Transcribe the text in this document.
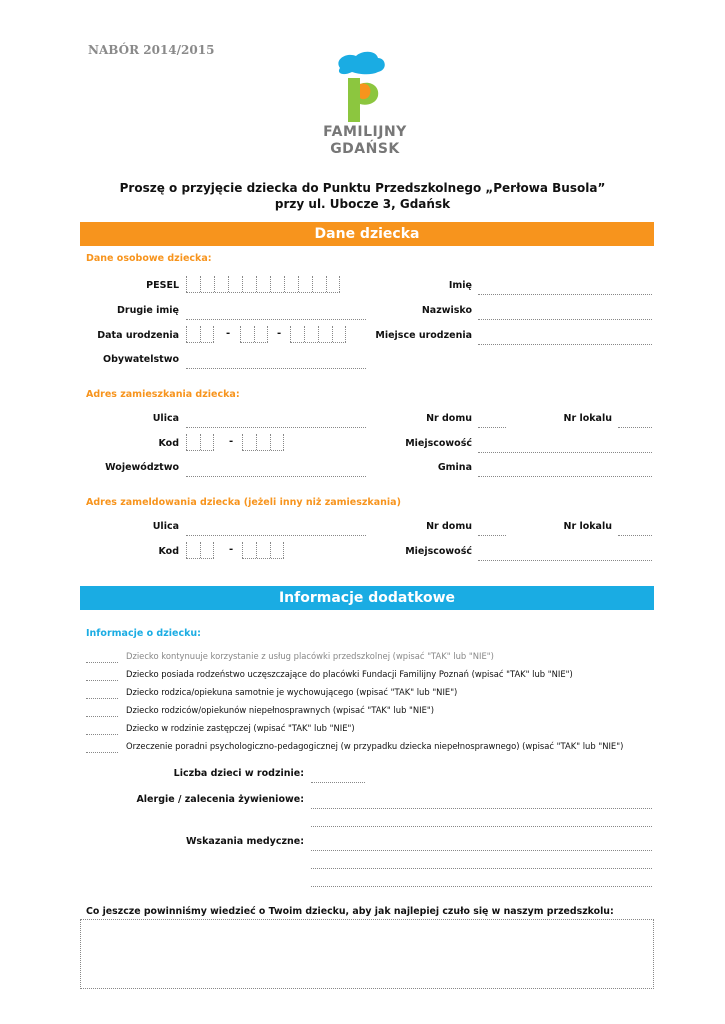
NABÓR 2014/2015
FAMILIJNY
GDAŃSK
Proszę o przyjęcie dziecka do Punktu Przedszkolnego „Perłowa Busola”
przy ul. Ubocze 3, Gdańsk
Dane dziecka
Dane osobowe dziecka:
PESEL	Imię
Drugie imię	Nazwisko
Data urodzenia	-	-	Miejsce urodzenia
Obywatelstwo
Adres zamieszkania dziecka:
Ulica	Nr domu	Nr lokalu
Kod	-	Miejscowość
Województwo	Gmina
Adres zameldowania dziecka (jeżeli inny niż zamieszkania)
Ulica	Nr domu	Nr lokalu
Kod	-	Miejscowość
Informacje dodatkowe
Informacje o dziecku:
Dziecko kontynuuje korzystanie z usług placówki przedszkolnej (wpisać "TAK" lub "NIE")
Dziecko posiada rodzeństwo uczęszczające do placówki Fundacji Familijny Poznań (wpisać "TAK" lub "NIE")
Dziecko rodzica/opiekuna samotnie je wychowującego (wpisać "TAK" lub "NIE")
Dziecko rodziców/opiekunów niepełnosprawnych (wpisać "TAK" lub "NIE")
Dziecko w rodzinie zastępczej (wpisać "TAK" lub "NIE")
Orzeczenie poradni psychologiczno-pedagogicznej (w przypadku dziecka niepełnosprawnego) (wpisać "TAK" lub "NIE")
Liczba dzieci w rodzinie:
Alergie / zalecenia żywieniowe:
Wskazania medyczne:
Co jeszcze powinniśmy wiedzieć o Twoim dziecku, aby jak najlepiej czuło się w naszym przedszkolu:
